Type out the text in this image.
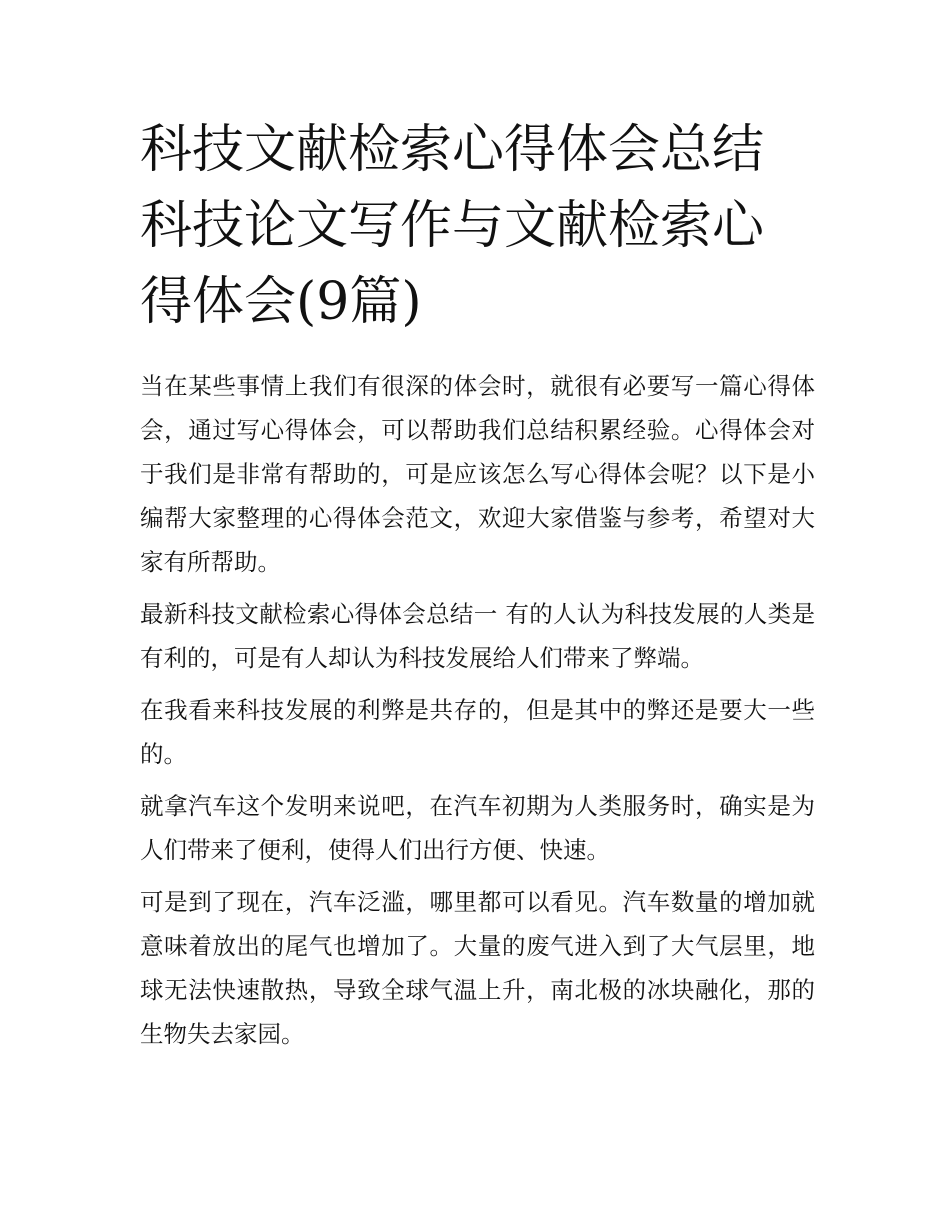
科技文献检索心得体会总结 科技论文写作与文献检索心得体会(9篇)

当在某些事情上我们有很深的体会时，就很有必要写一篇心得体会，通过写心得体会，可以帮助我们总结积累经验。心得体会对于我们是非常有帮助的，可是应该怎么写心得体会呢？以下是小编帮大家整理的心得体会范文，欢迎大家借鉴与参考，希望对大家有所帮助。

最新科技文献检索心得体会总结一 有的人认为科技发展的人类是有利的，可是有人却认为科技发展给人们带来了弊端。

在我看来科技发展的利弊是共存的，但是其中的弊还是要大一些的。

就拿汽车这个发明来说吧，在汽车初期为人类服务时，确实是为人们带来了便利，使得人们出行方便、快速。

可是到了现在，汽车泛滥，哪里都可以看见。汽车数量的增加就意味着放出的尾气也增加了。大量的废气进入到了大气层里，地球无法快速散热，导致全球气温上升，南北极的冰块融化，那的生物失去家园。
